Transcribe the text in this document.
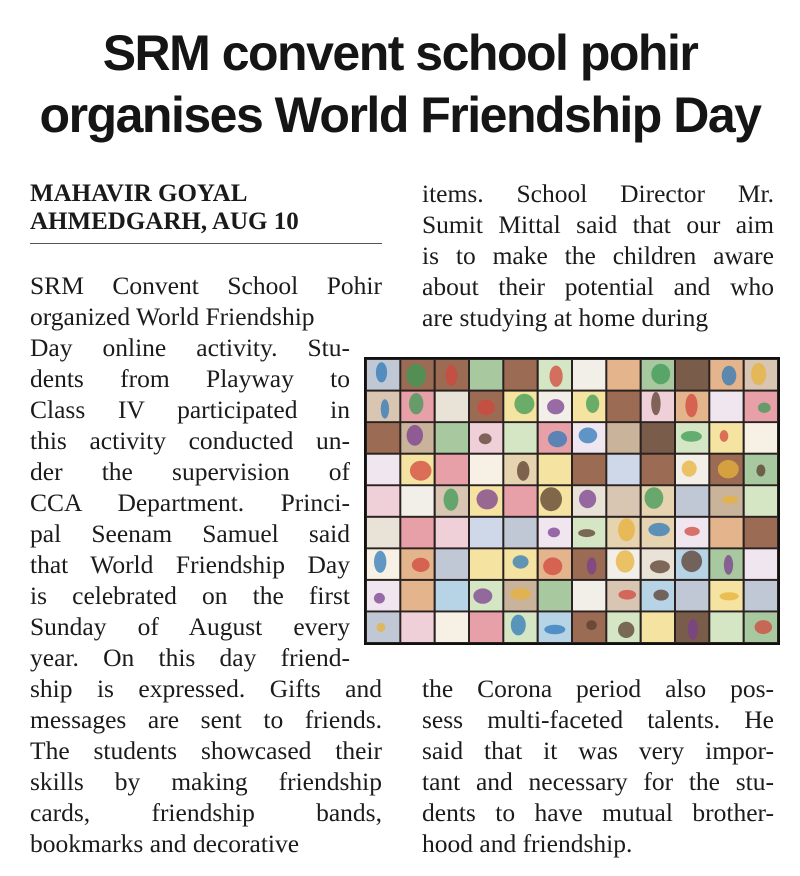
SRM convent school pohir
organises World Friendship Day
MAHAVIR GOYAL
AHMEDGARH, AUG 10
SRM Convent School Pohir
organized World Friendship
Day online activity. Stu-
dents from Playway to
Class IV participated in
this activity conducted un-
der the supervision of
CCA Department. Princi-
pal Seenam Samuel said
that World Friendship Day
is celebrated on the first
Sunday of August every
year. On this day friend-
ship is expressed. Gifts and
messages are sent to friends.
The students showcased their
skills by making friendship
cards, friendship bands,
bookmarks and decorative
items. School Director Mr.
Sumit Mittal said that our aim
is to make the children aware
about their potential and who
are studying at home during
the Corona period also pos-
sess multi-faceted talents. He
said that it was very impor-
tant and necessary for the stu-
dents to have mutual brother-
hood and friendship.
